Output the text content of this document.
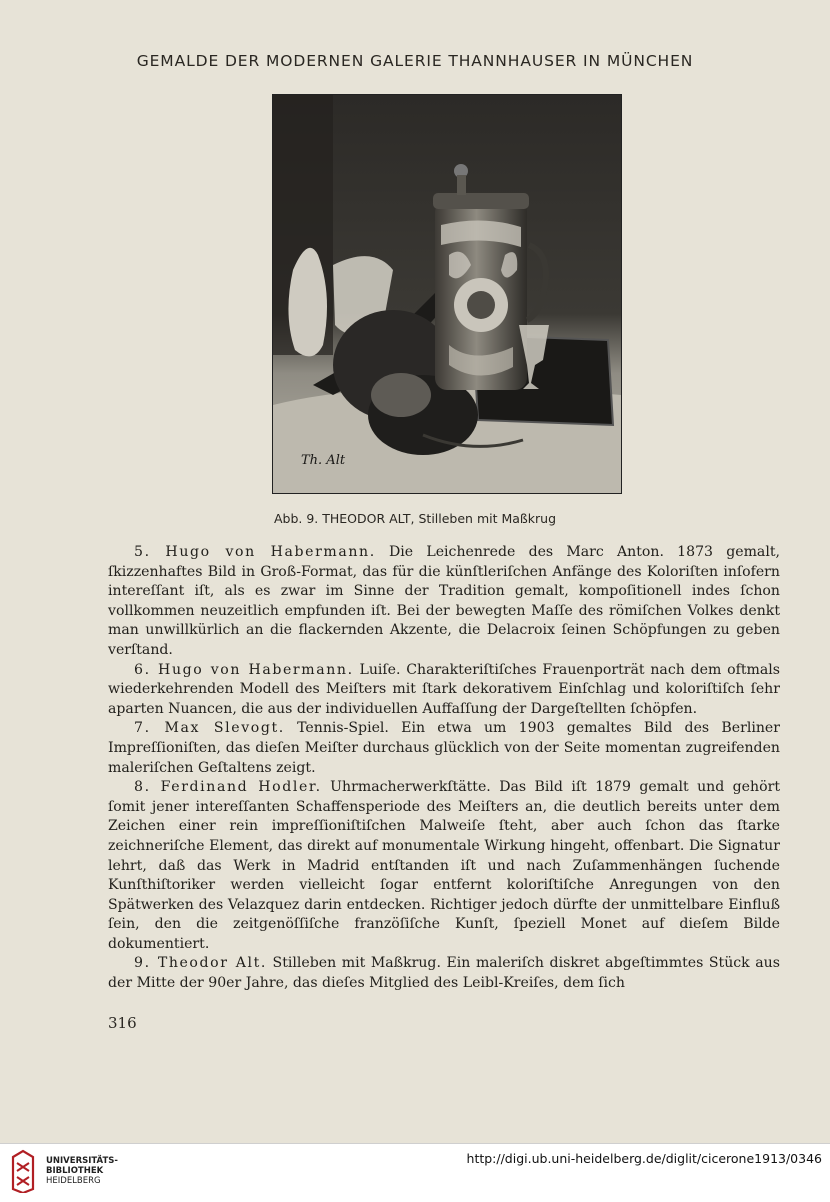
GEMALDE DER MODERNEN GALERIE THANNHAUSER IN MÜNCHEN
Th. Alt
Abb. 9. THEODOR ALT, Stilleben mit Maßkrug

5. Hugo von Habermann. Die Leichenrede des Marc Anton. 1873 gemalt, ſkizzenhaftes Bild in Groß-Format, das für die künſtleriſchen Anfänge des Koloriſten inſofern intereſſant iſt, als es zwar im Sinne der Tradition gemalt, kompoſitionell indes ſchon vollkommen neuzeitlich empfunden iſt. Bei der bewegten Maſſe des römiſchen Volkes denkt man unwillkürlich an die flackernden Akzente, die Delacroix ſeinen Schöpfungen zu geben verſtand.

6. Hugo von Habermann. Luiſe. Charakteriſtiſches Frauenporträt nach dem oftmals wiederkehrenden Modell des Meiſters mit ſtark dekorativem Einſchlag und koloriſtiſch ſehr aparten Nuancen, die aus der individuellen Auffaſſung der Dargeſtellten ſchöpfen.

7. Max Slevogt. Tennis-Spiel. Ein etwa um 1903 gemaltes Bild des Berliner Impreſſioniſten, das dieſen Meiſter durchaus glücklich von der Seite momentan zugreifenden maleriſchen Geſtaltens zeigt.

8. Ferdinand Hodler. Uhrmacherwerkſtätte. Das Bild iſt 1879 gemalt und gehört ſomit jener intereſſanten Schaffensperiode des Meiſters an, die deutlich bereits unter dem Zeichen einer rein impreſſioniſtiſchen Malweiſe ſteht, aber auch ſchon das ſtarke zeichneriſche Element, das direkt auf monumentale Wirkung hingeht, offenbart. Die Signatur lehrt, daß das Werk in Madrid entſtanden iſt und nach Zuſammenhängen ſuchende Kunſthiſtoriker werden vielleicht ſogar entfernt koloriſtiſche Anregungen von den Spätwerken des Velazquez darin entdecken. Richtiger jedoch dürfte der unmittelbare Einfluß ſein, den die zeitgenöſſiſche franzöſiſche Kunſt, ſpeziell Monet auf dieſem Bilde dokumentiert.

9. Theodor Alt. Stilleben mit Maßkrug. Ein maleriſch diskret abgeſtimmtes Stück aus der Mitte der 90er Jahre, das dieſes Mitglied des Leibl-Kreiſes, dem ſich

316
UNIVERSITÄTS-
BIBLIOTHEK
HEIDELBERG
http://digi.ub.uni-heidelberg.de/diglit/cicerone1913/0346
